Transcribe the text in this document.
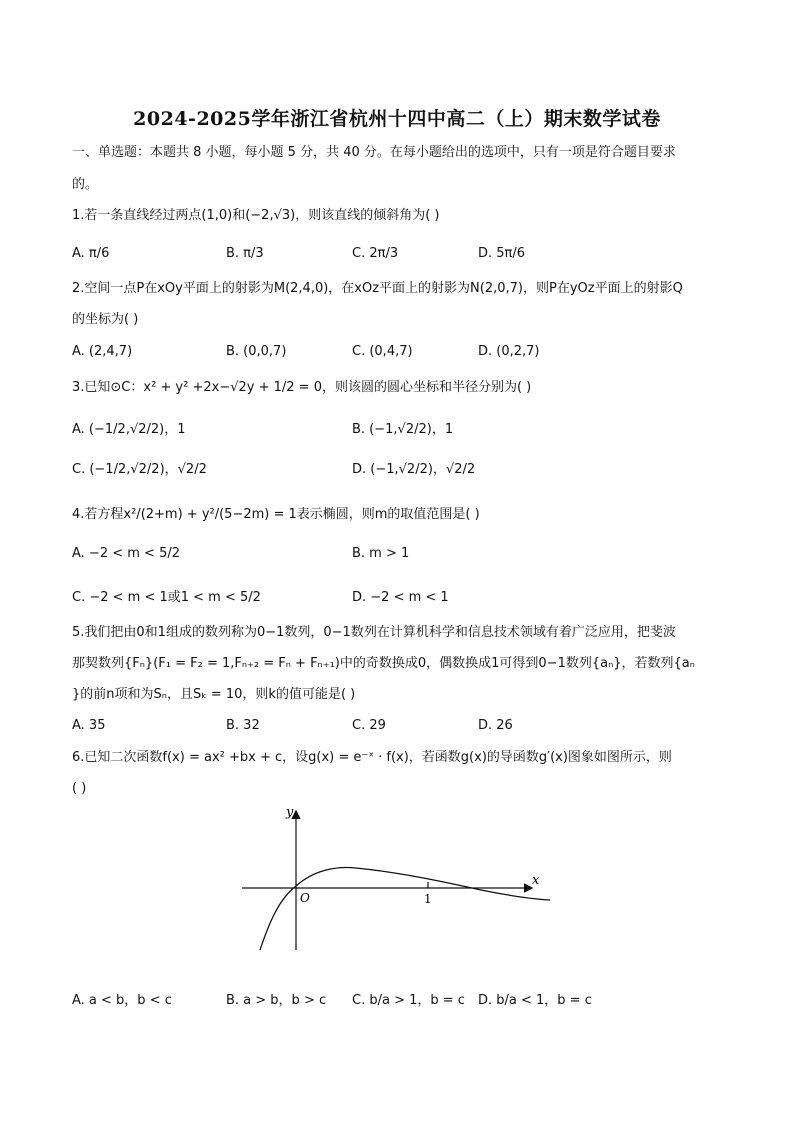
2024-2025学年浙江省杭州十四中高二（上）期末数学试卷
一、单选题：本题共 8 小题，每小题 5 分，共 40 分。在每小题给出的选项中，只有一项是符合题目要求
的。
1.若一条直线经过两点(1,0)和(−2,√3)，则该直线的倾斜角为( )
A. π/6	B. π/3	C. 2π/3	D. 5π/6
2.空间一点P在xOy平面上的射影为M(2,4,0)，在xOz平面上的射影为N(2,0,7)，则P在yOz平面上的射影Q
的坐标为( )
A. (2,4,7)	B. (0,0,7)	C. (0,4,7)	D. (0,2,7)
3.已知⊙C：x² + y² +2x−√2y + 1/2 = 0，则该圆的圆心坐标和半径分别为( )
A. (−1/2,√2/2)，1	B. (−1,√2/2)，1
C. (−1/2,√2/2)，√2/2	D. (−1,√2/2)，√2/2
4.若方程x²/(2+m) + y²/(5−2m) = 1表示椭圆，则m的取值范围是( )
A. −2 < m < 5/2	B. m > 1
C. −2 < m < 1或1 < m < 5/2	D. −2 < m < 1
5.我们把由0和1组成的数列称为0−1数列，0−1数列在计算机科学和信息技术领域有着广泛应用，把斐波
那契数列{Fₙ}(F₁ = F₂ = 1,Fₙ₊₂ = Fₙ + Fₙ₊₁)中的奇数换成0，偶数换成1可得到0−1数列{aₙ}，若数列{aₙ
}的前n项和为Sₙ，且Sₖ = 10，则k的值可能是( )
A. 35	B. 32	C. 29	D. 26
6.已知二次函数f(x) = ax² +bx + c，设g(x) = e⁻ˣ · f(x)，若函数g(x)的导函数g′(x)图象如图所示，则
( )
y
x
O	1
A. a < b，b < c	B. a > b，b > c C. b/a > 1，b = c D. b/a < 1，b = c
